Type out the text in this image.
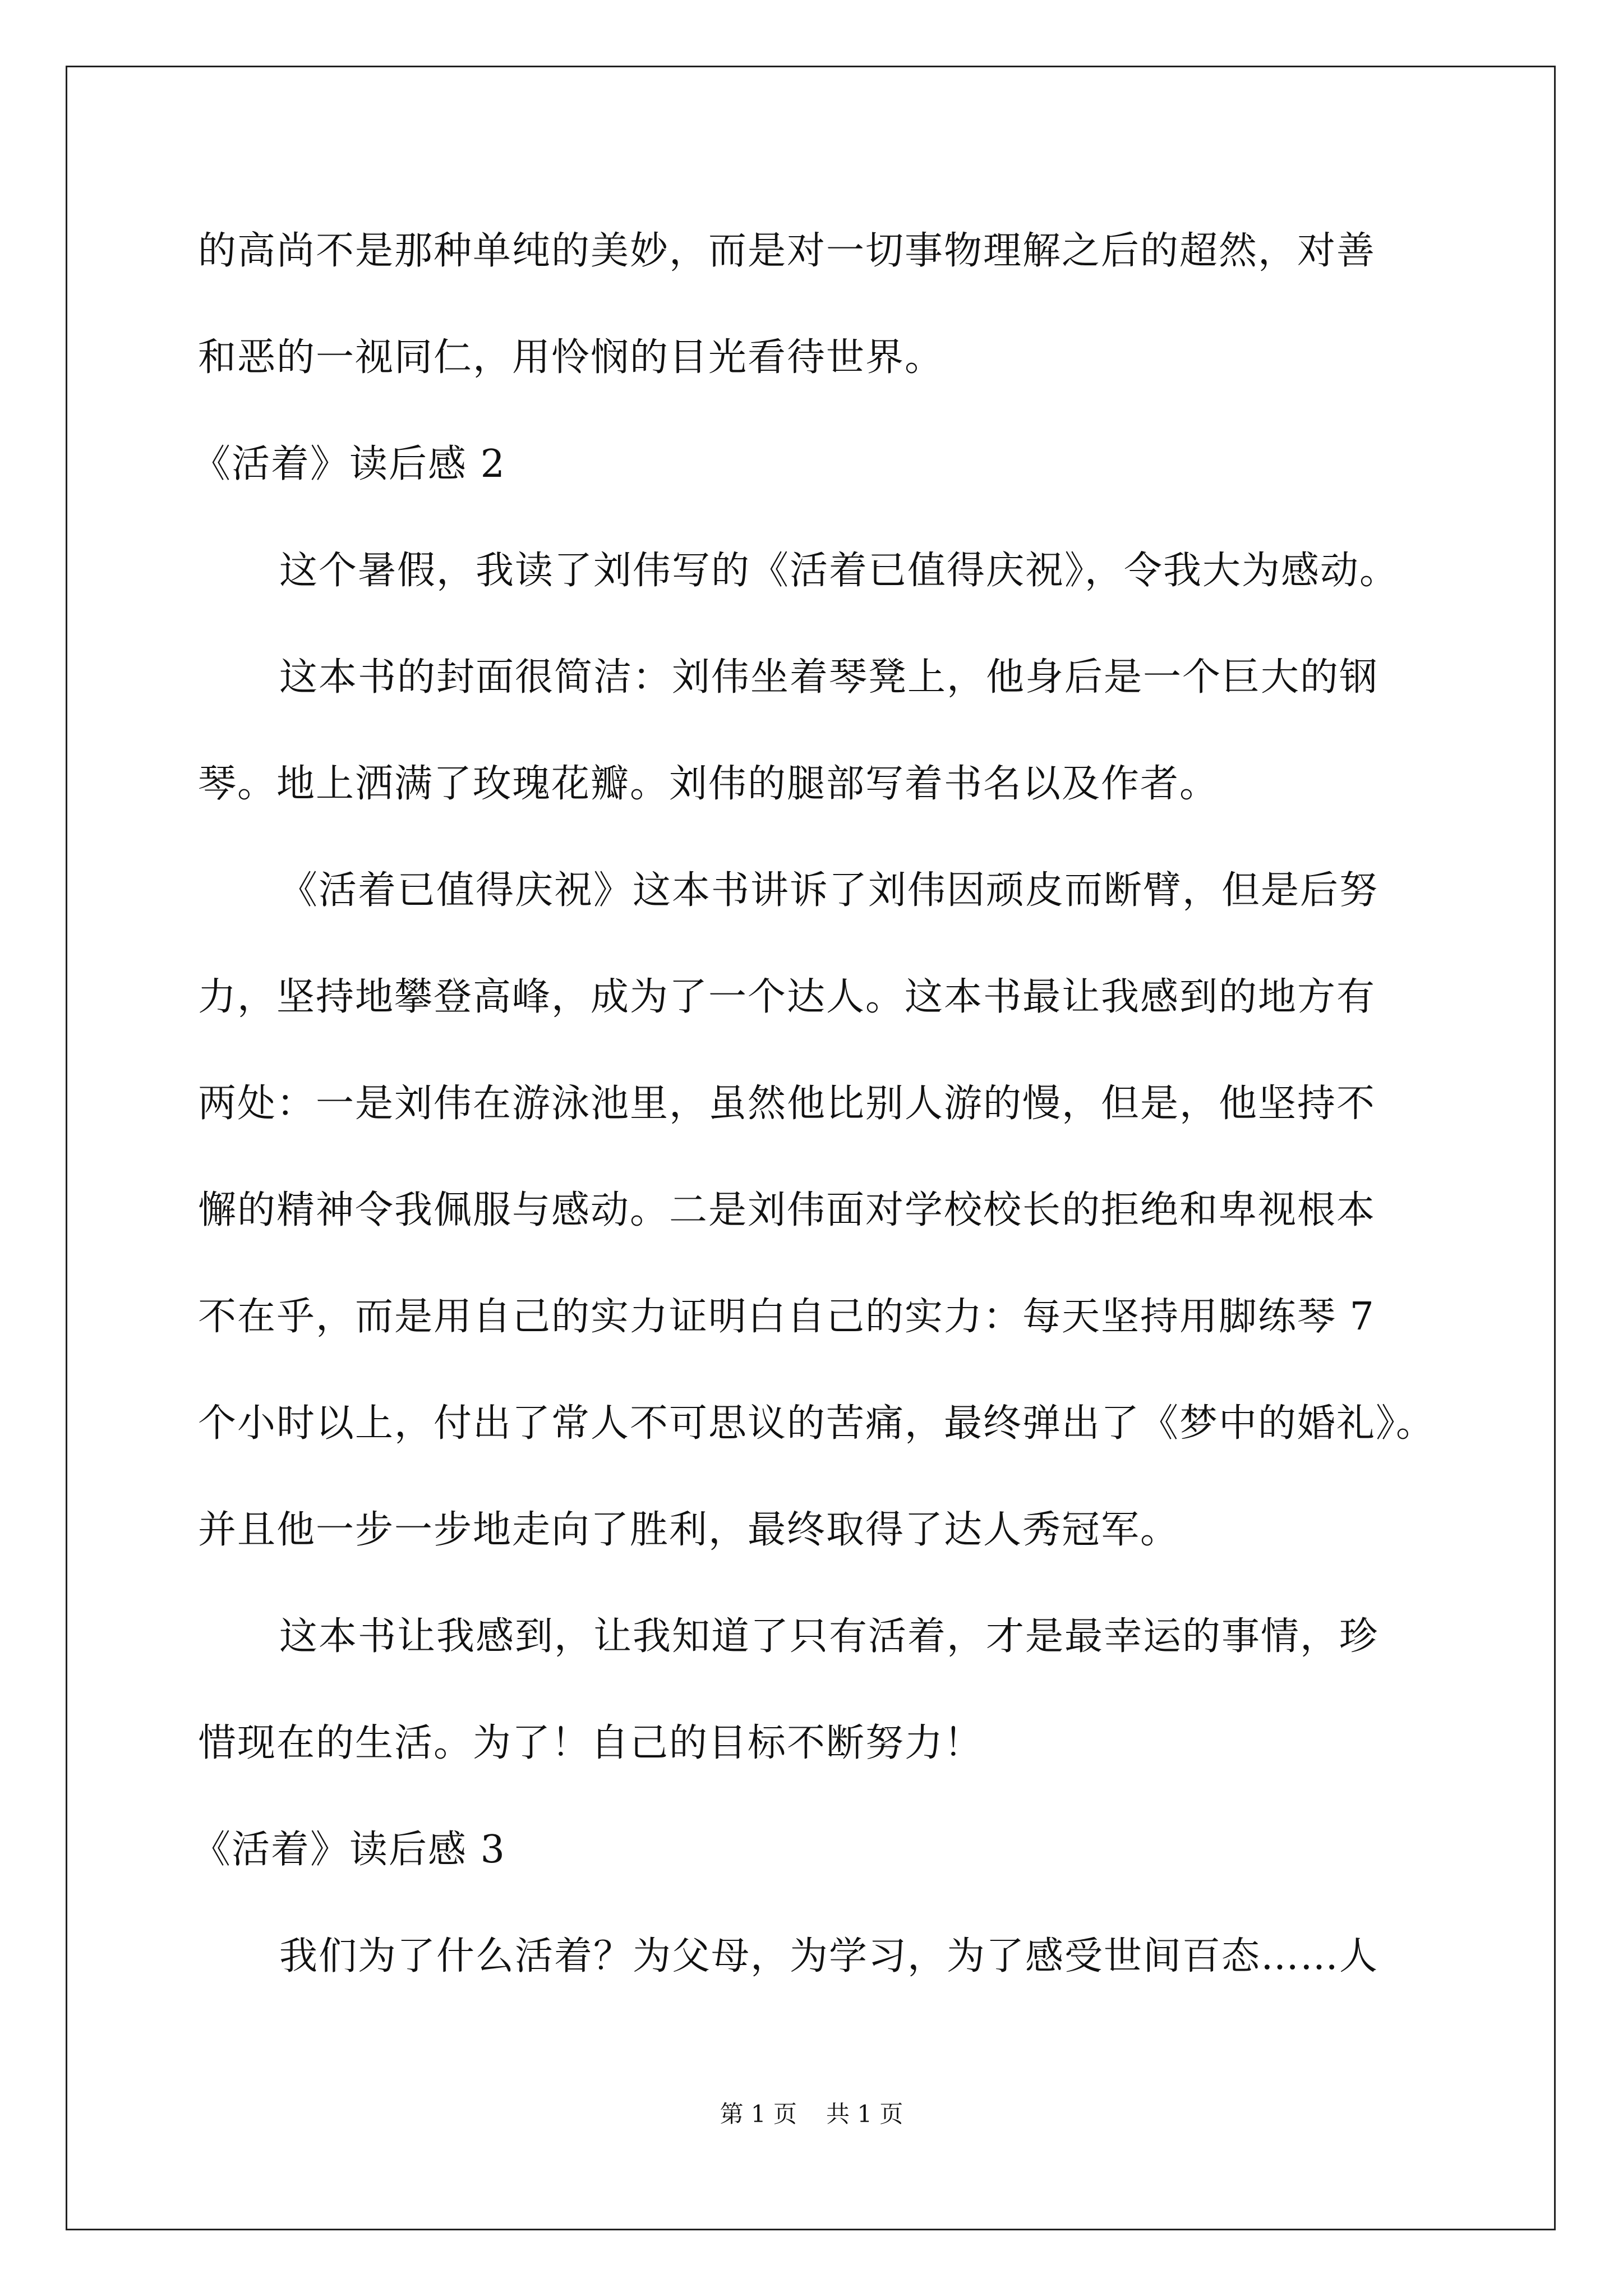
的高尚不是那种单纯的美妙，而是对一切事物理解之后的超然，对善
和恶的一视同仁，用怜悯的目光看待世界。
《活着》读后感 2
这个暑假，我读了刘伟写的《活着已值得庆祝》，令我大为感动。
这本书的封面很简洁：刘伟坐着琴凳上，他身后是一个巨大的钢
琴。地上洒满了玫瑰花瓣。刘伟的腿部写着书名以及作者。
《活着已值得庆祝》这本书讲诉了刘伟因顽皮而断臂，但是后努
力，坚持地攀登高峰，成为了一个达人。这本书最让我感到的地方有
两处：一是刘伟在游泳池里，虽然他比别人游的慢，但是，他坚持不
懈的精神令我佩服与感动。二是刘伟面对学校校长的拒绝和卑视根本
不在乎，而是用自己的实力证明白自己的实力：每天坚持用脚练琴 7
个小时以上，付出了常人不可思议的苦痛，最终弹出了《梦中的婚礼》。
并且他一步一步地走向了胜利，最终取得了达人秀冠军。
这本书让我感到，让我知道了只有活着，才是最幸运的事情，珍
惜现在的生活。为了！自己的目标不断努力！
《活着》读后感 3
我们为了什么活着？为父母，为学习，为了感受世间百态……人
第 1 页 共 1 页
